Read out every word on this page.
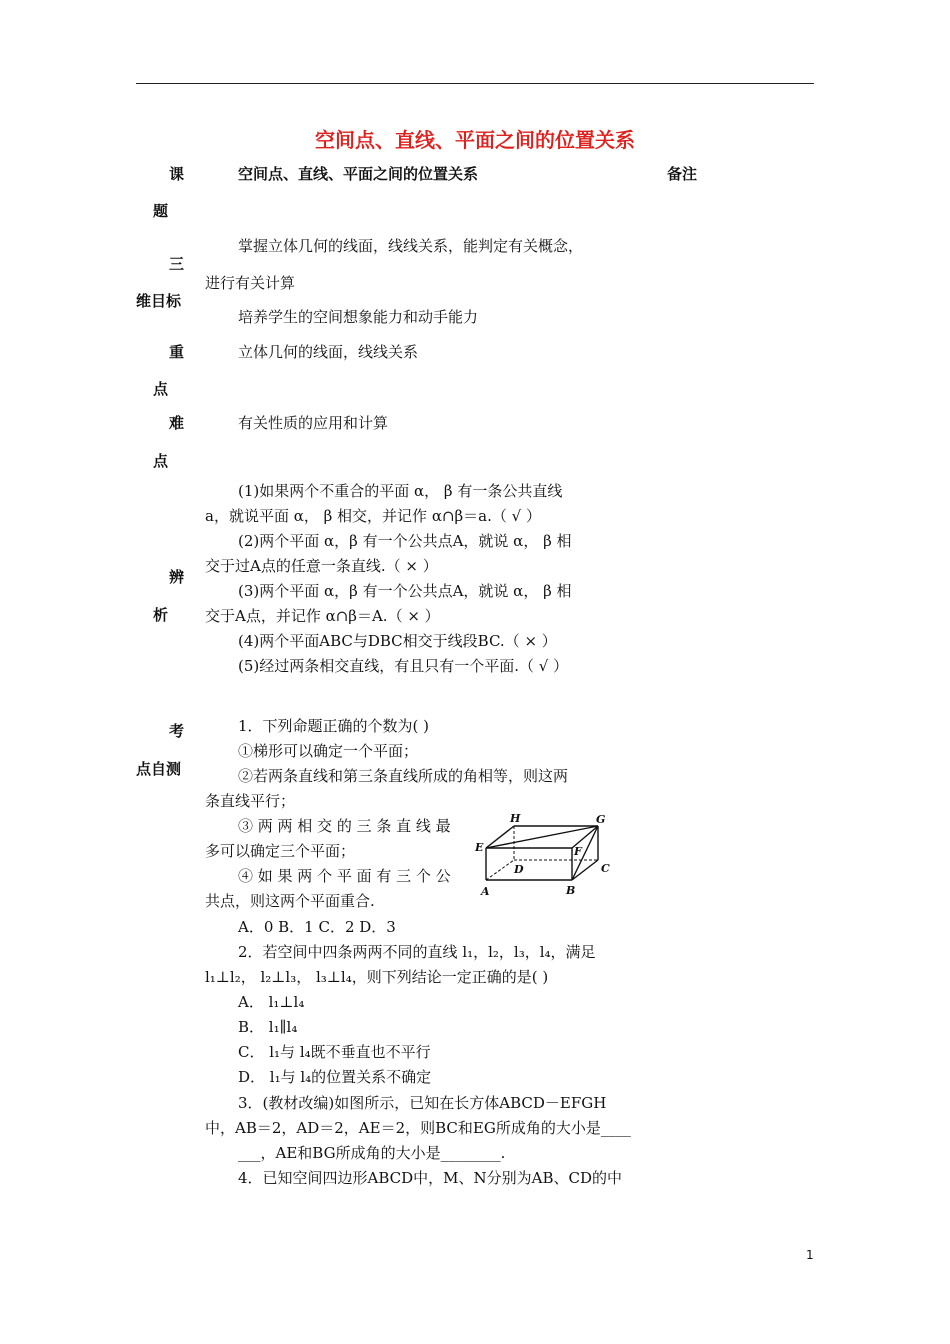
空间点、直线、平面之间的位置关系
课
题
空间点、直线、平面之间的位置关系	备注
三
维目标
掌握立体几何的线面，线线关系，能判定有关概念，
进行有关计算
培养学生的空间想象能力和动手能力
重
点
立体几何的线面，线线关系
难
点
有关性质的应用和计算
辨
析
(1)如果两个不重合的平面 α， β 有一条公共直线
a，就说平面 α， β 相交，并记作 α∩β＝a.（ √ ）
(2)两个平面 α，β 有一个公共点A，就说 α， β 相
交于过A点的任意一条直线.（ × ）
(3)两个平面 α，β 有一个公共点A，就说 α， β 相
交于A点，并记作 α∩β＝A.（ × ）
(4)两个平面ABC与DBC相交于线段BC.（ × ）
(5)经过两条相交直线，有且只有一个平面.（ √ ）
考
点自测
1．下列命题正确的个数为( )
①梯形可以确定一个平面；
②若两条直线和第三条直线所成的角相等，则这两
条直线平行；
③ 两 两 相 交 的 三 条 直 线 最
多可以确定三个平面；
④ 如 果 两 个 平 面 有 三 个 公
共点，则这两个平面重合.
A．0 B．1 C．2 D．3
2．若空间中四条两两不同的直线 l₁，l₂，l₃，l₄，满足
l₁⊥l₂， l₂⊥l₃， l₃⊥l₄，则下列结论一定正确的是( )
A． l₁⊥l₄
B． l₁∥l₄
C． l₁与 l₄既不垂直也不平行
D． l₁与 l₄的位置关系不确定
3．(教材改编)如图所示，已知在长方体ABCD－EFGH
中，AB＝2，AD＝2，AE＝2，则BC和EG所成角的大小是____
___，AE和BG所成角的大小是________.
4．已知空间四边形ABCD中，M、N分别为AB、CD的中
H	G
E	F
D	C
A	B
1
